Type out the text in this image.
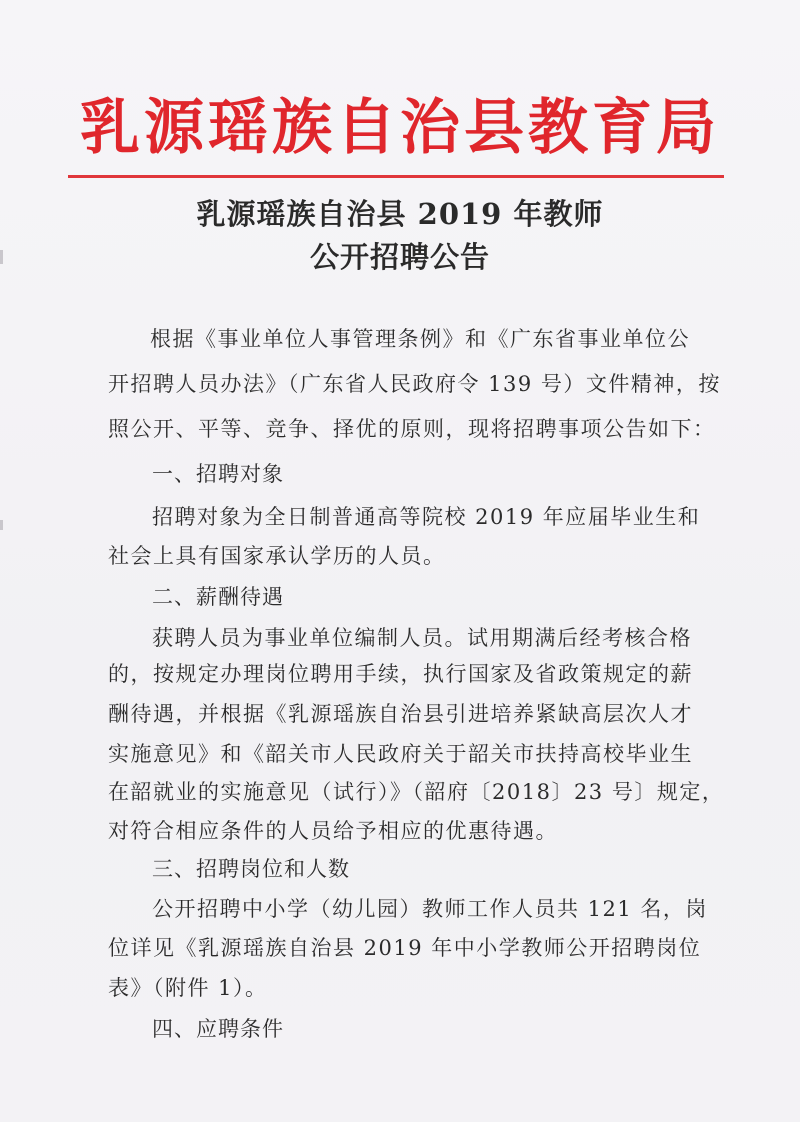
乳源瑶族自治县教育局
乳源瑶族自治县 2019 年教师
公开招聘公告
根据《事业单位人事管理条例》和《广东省事业单位公
开招聘人员办法》（广东省人民政府令 139 号）文件精神，按
照公开、平等、竞争、择优的原则，现将招聘事项公告如下：
一、招聘对象
招聘对象为全日制普通高等院校 2019 年应届毕业生和
社会上具有国家承认学历的人员。
二、薪酬待遇
获聘人员为事业单位编制人员。试用期满后经考核合格
的，按规定办理岗位聘用手续，执行国家及省政策规定的薪
酬待遇，并根据《乳源瑶族自治县引进培养紧缺高层次人才
实施意见》和《韶关市人民政府关于韶关市扶持高校毕业生
在韶就业的实施意见（试行）》（韶府〔2018〕23 号〕规定，
对符合相应条件的人员给予相应的优惠待遇。
三、招聘岗位和人数
公开招聘中小学（幼儿园）教师工作人员共 121 名，岗
位详见《乳源瑶族自治县 2019 年中小学教师公开招聘岗位
表》（附件 1）。
四、应聘条件
